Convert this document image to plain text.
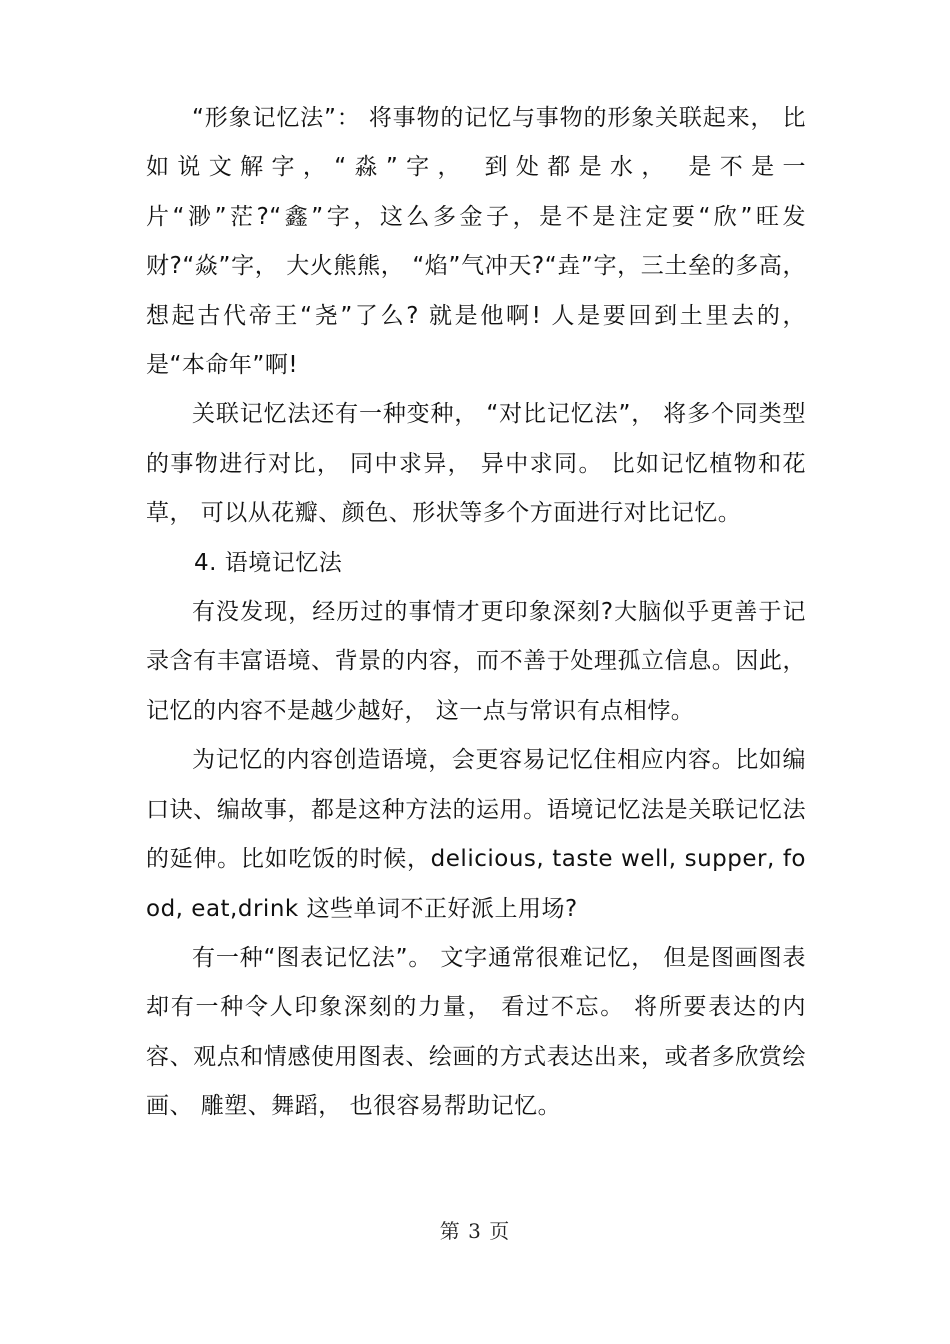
“形象记忆法”： 将事物的记忆与事物的形象关联起来， 比如说文解字，“淼”字， 到处都是水， 是不是一片“渺”茫?“鑫”字，这么多金子，是不是注定要“欣”旺发财?“焱”字， 大火熊熊， “焰”气冲天?“垚”字，三土垒的多高， 想起古代帝王“尧”了么? 就是他啊! 人是要回到土里去的， 是“本命年”啊!

关联记忆法还有一种变种， “对比记忆法”， 将多个同类型的事物进行对比， 同中求异， 异中求同。 比如记忆植物和花草， 可以从花瓣、颜色、形状等多个方面进行对比记忆。

4. 语境记忆法

有没发现，经历过的事情才更印象深刻?大脑似乎更善于记录含有丰富语境、背景的内容，而不善于处理孤立信息。因此，记忆的内容不是越少越好， 这一点与常识有点相悖。

为记忆的内容创造语境，会更容易记忆住相应内容。比如编口诀、编故事，都是这种方法的运用。语境记忆法是关联记忆法的延伸。比如吃饭的时候，delicious, taste well, supper, food, eat,drink 这些单词不正好派上用场?

有一种“图表记忆法”。 文字通常很难记忆， 但是图画图表却有一种令人印象深刻的力量， 看过不忘。 将所要表达的内容、观点和情感使用图表、绘画的方式表达出来，或者多欣赏绘画、 雕塑、舞蹈， 也很容易帮助记忆。

第 3 页
